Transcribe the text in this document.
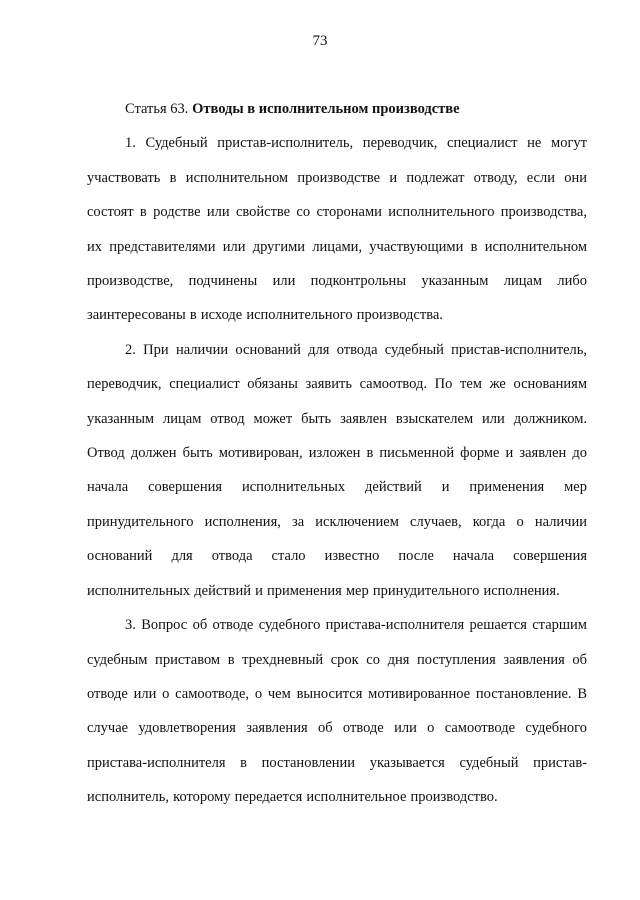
73

Статья 63. Отводы в исполнительном производстве

1. Судебный пристав-исполнитель, переводчик, специалист не могут участвовать в исполнительном производстве и подлежат отводу, если они состоят в родстве или свойстве со сторонами исполнительного производства, их представителями или другими лицами, участвующими в исполнительном производстве, подчинены или подконтрольны указанным лицам либо заинтересованы в исходе исполнительного производства.

2. При наличии оснований для отвода судебный пристав-исполнитель, переводчик, специалист обязаны заявить самоотвод. По тем же основаниям указанным лицам отвод может быть заявлен взыскателем или должником. Отвод должен быть мотивирован, изложен в письменной форме и заявлен до начала совершения исполнительных действий и применения мер принудительного исполнения, за исключением случаев, когда о наличии оснований для отвода стало известно после начала совершения исполнительных действий и применения мер принудительного исполнения.

3. Вопрос об отводе судебного пристава-исполнителя решается старшим судебным приставом в трехдневный срок со дня поступления заявления об отводе или о самоотводе, о чем выносится мотивированное постановление. В случае удовлетворения заявления об отводе или о самоотводе судебного пристава-исполнителя в постановлении указывается судебный пристав-исполнитель, которому передается исполнительное производство.
